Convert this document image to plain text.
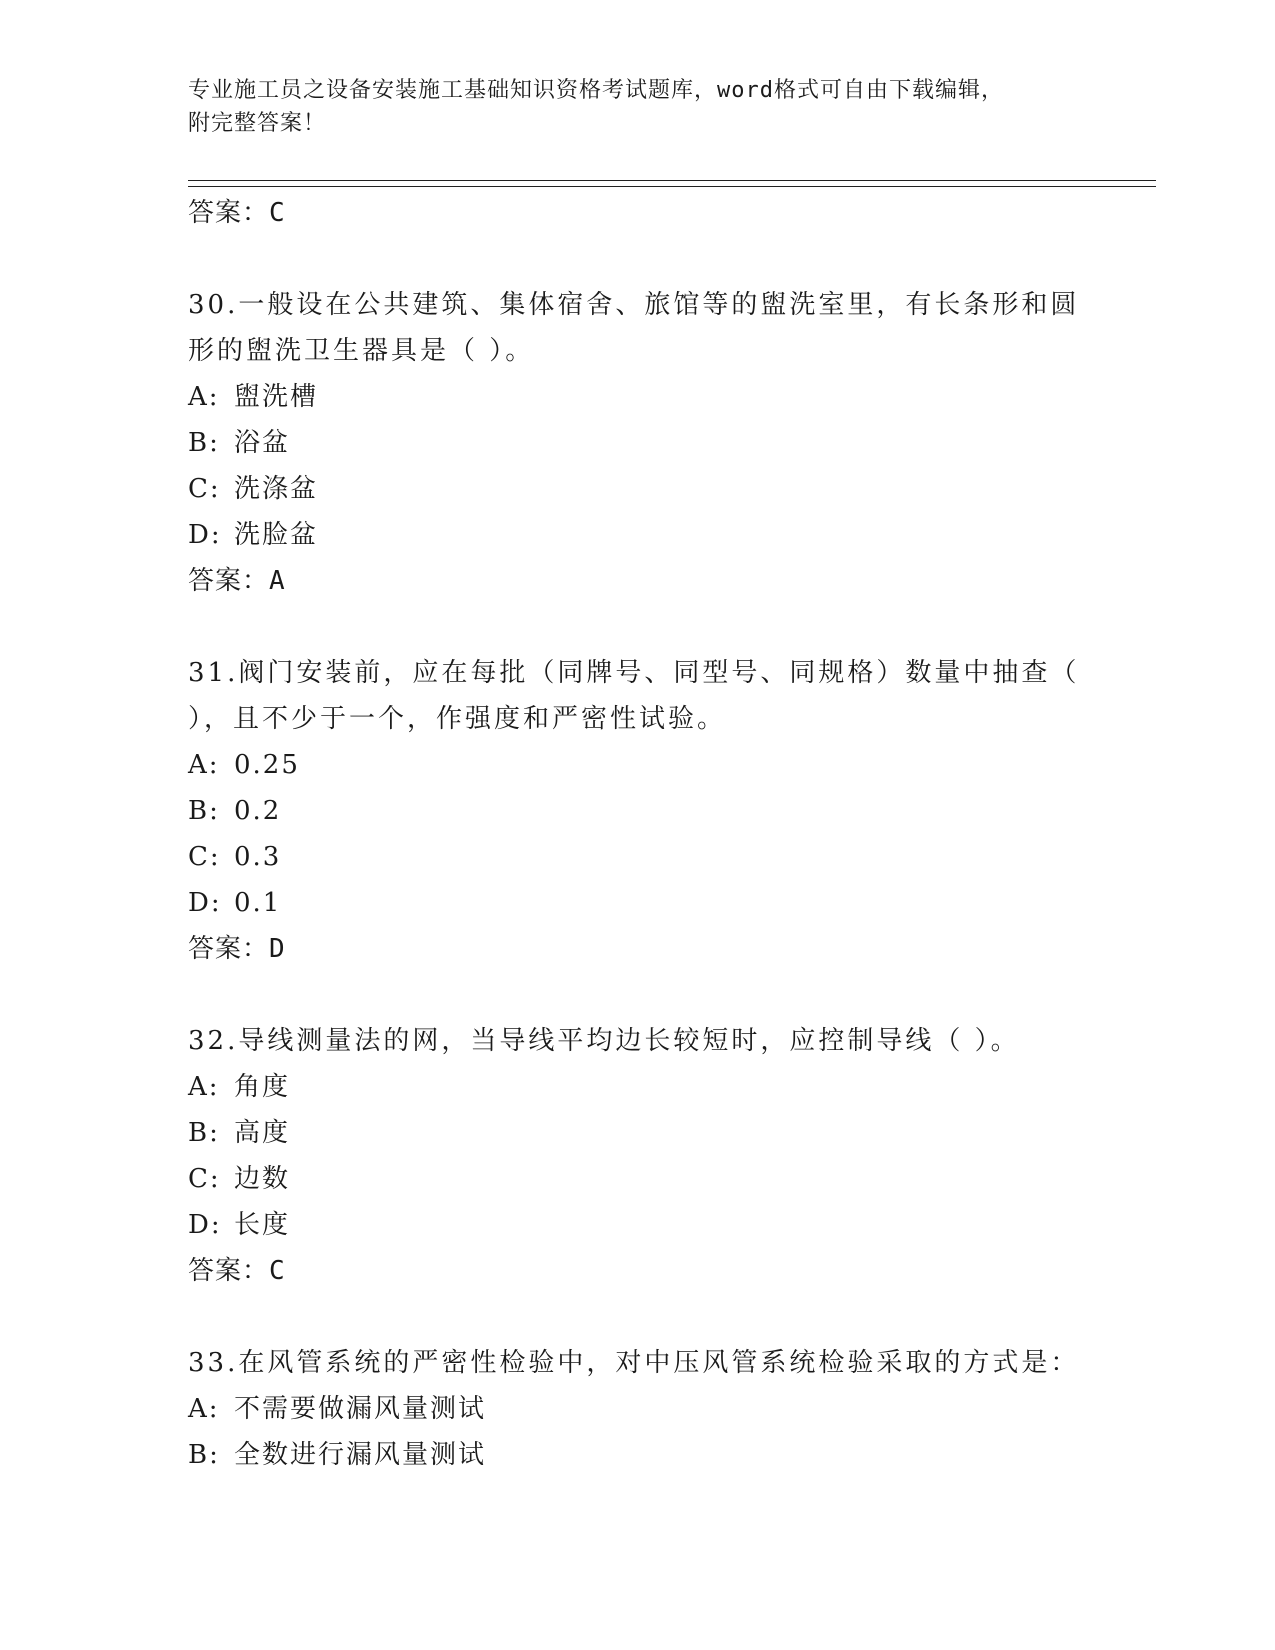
专业施工员之设备安装施工基础知识资格考试题库，word格式可自由下载编辑，
附完整答案！
答案：C
30.一般设在公共建筑、集体宿舍、旅馆等的盥洗室里，有长条形和圆
形的盥洗卫生器具是（ ）。
A: 盥洗槽
B: 浴盆
C: 洗涤盆
D: 洗脸盆
答案：A
31.阀门安装前，应在每批（同牌号、同型号、同规格）数量中抽查（
），且不少于一个，作强度和严密性试验。
A: 0.25
B: 0.2
C: 0.3
D: 0.1
答案：D
32.导线测量法的网，当导线平均边长较短时，应控制导线（ ）。
A: 角度
B: 高度
C: 边数
D: 长度
答案：C
33.在风管系统的严密性检验中，对中压风管系统检验采取的方式是：
A: 不需要做漏风量测试
B: 全数进行漏风量测试
